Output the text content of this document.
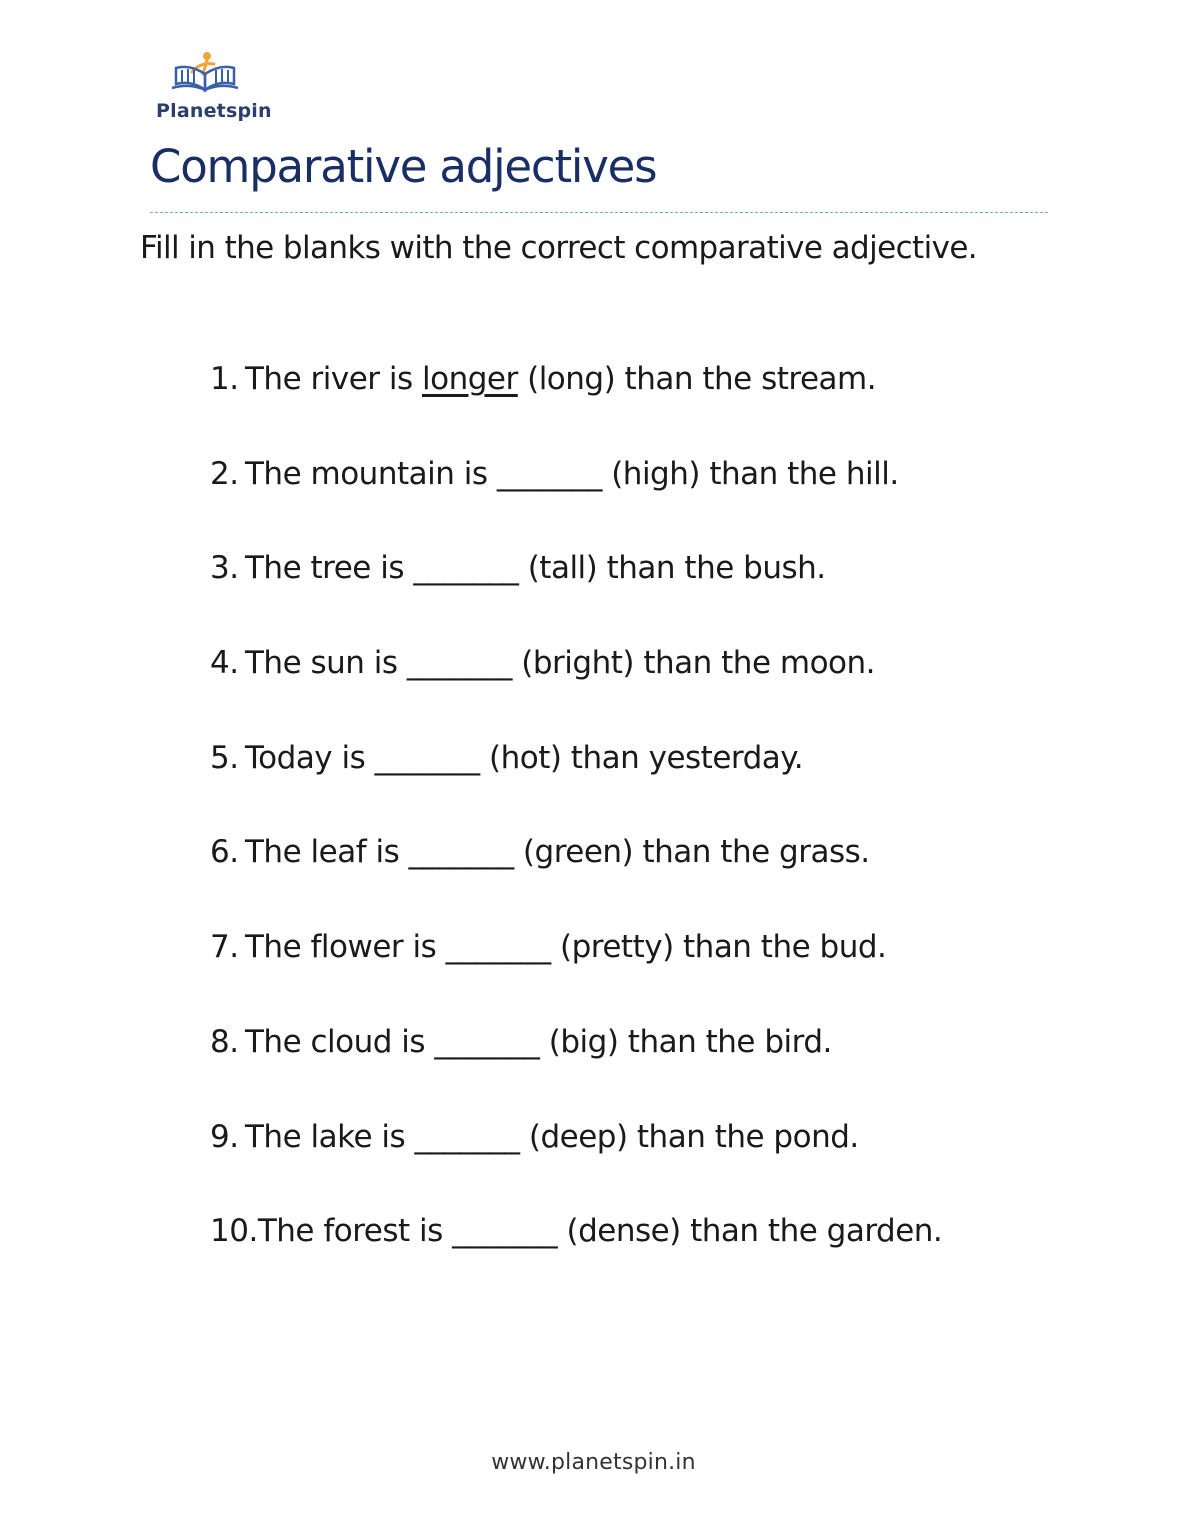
Planetspin
Comparative adjectives
Fill in the blanks with the correct comparative adjective.
1. The river is longer (long) than the stream.
2. The mountain is _______ (high) than the hill.
3. The tree is _______ (tall) than the bush.
4. The sun is _______ (bright) than the moon.
5. Today is _______ (hot) than yesterday.
6. The leaf is _______ (green) than the grass.
7. The flower is _______ (pretty) than the bud.
8. The cloud is _______ (big) than the bird.
9. The lake is _______ (deep) than the pond.
10.The forest is _______ (dense) than the garden.
www.planetspin.in
